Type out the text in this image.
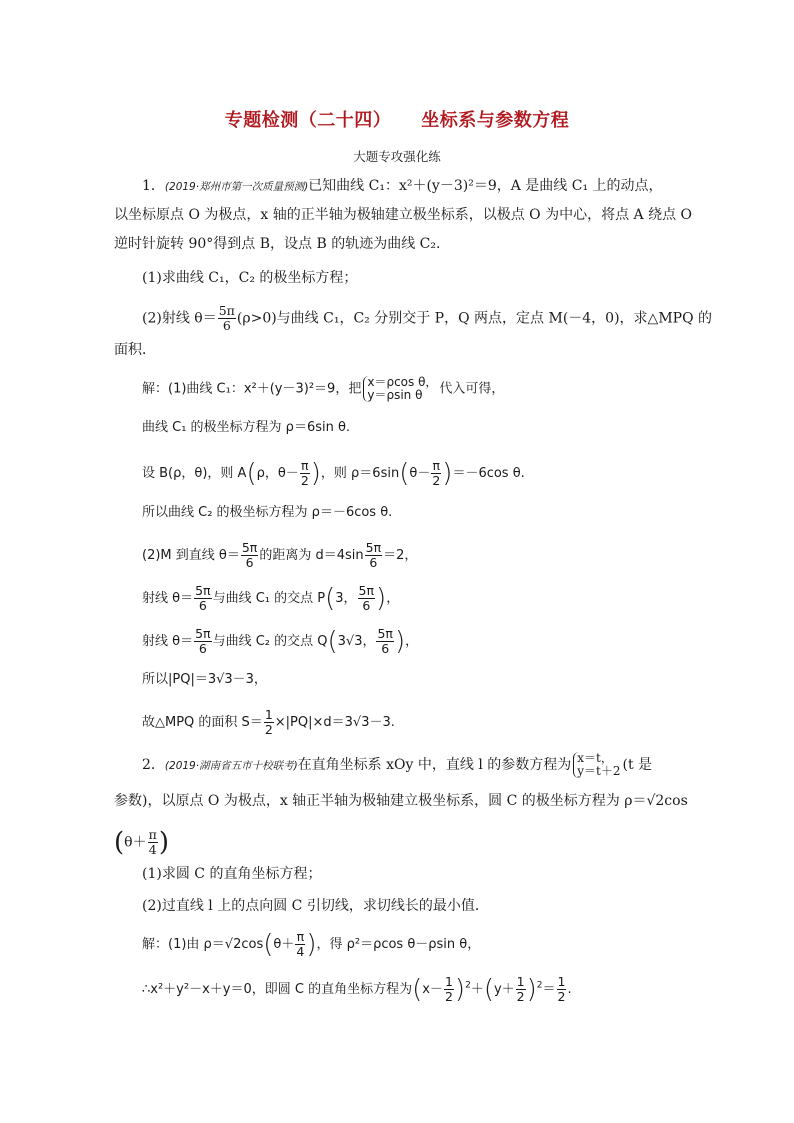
专题检测（二十四） 坐标系与参数方程
大题专攻强化练
1．(2019·郑州市第一次质量预测)已知曲线 C₁：x²＋(y－3)²＝9，A 是曲线 C₁ 上的动点，
以坐标原点 O 为极点，x 轴的正半轴为极轴建立极坐标系，以极点 O 为中心，将点 A 绕点 O
逆时针旋转 90°得到点 B，设点 B 的轨迹为曲线 C₂.
(1)求曲线 C₁，C₂ 的极坐标方程；
(2)射线 $\theta= \frac{5\pi}{6} (\rho>0)$与曲线 C₁，C₂ 分别交于 P，Q 两点，定点 M(－4，0)，求△MPQ 的
面积．
解：(1)曲线 C₁：x²＋(y－3)²＝9，把 x＝ρcos θ，
y＝ρsin θ	代入可得，
曲线 C₁ 的极坐标方程为 ρ＝6sin θ.
设 B(ρ，θ)，则 A(ρ，$\theta- \frac{\pi}{2}$ )，则 $\rho=6\sin(\theta- \frac{\pi}{2} )=-6\cos$ θ.
所以曲线 C₂ 的极坐标方程为 ρ＝－6cos θ.
(2)M 到直线 $\theta= \frac{5\pi}{6}$ 的距离为 $d=4\sin \frac{5\pi}{6} =2$，
射线 $\theta= \frac{5\pi}{6}$ 与曲线 C₁ 的交点 P(3， $\frac{5\pi}{6}$ )，
射线 $\theta= \frac{5\pi}{6}$ 与曲线 C₂ 的交点 Q(3√3， $\frac{5\pi}{6}$ )，
所以|PQ|＝3√3－3，
故△MPQ 的面积 $S= \frac{1}{2} \times|PQ|\times d=3√3-3$.
2．(2019·湖南省五市十校联考)在直角坐标系 xOy 中，直线 l 的参数方程为 x＝t，
y＝t＋2 (t 是
参数)，以原点 O 为极点，x 轴正半轴为极轴建立极坐标系，圆 C 的极坐标方程为 ρ＝√2cos
($\theta+ \frac{\pi}{4}$ )
(1)求圆 C 的直角坐标方程；
(2)过直线 l 上的点向圆 C 引切线，求切线长的最小值．
解：(1)由 $\rho=√2\cos(\theta+ \frac{\pi}{4}$ )，得 ρ²＝ρcos θ－ρsin θ，
∴x²＋y²－x＋y＝0，即圆 C 的直角坐标方程为$(x- \frac{1}{2} )^2+(y+ \frac{1}{2} )^2= \frac{1}{2}$ .
